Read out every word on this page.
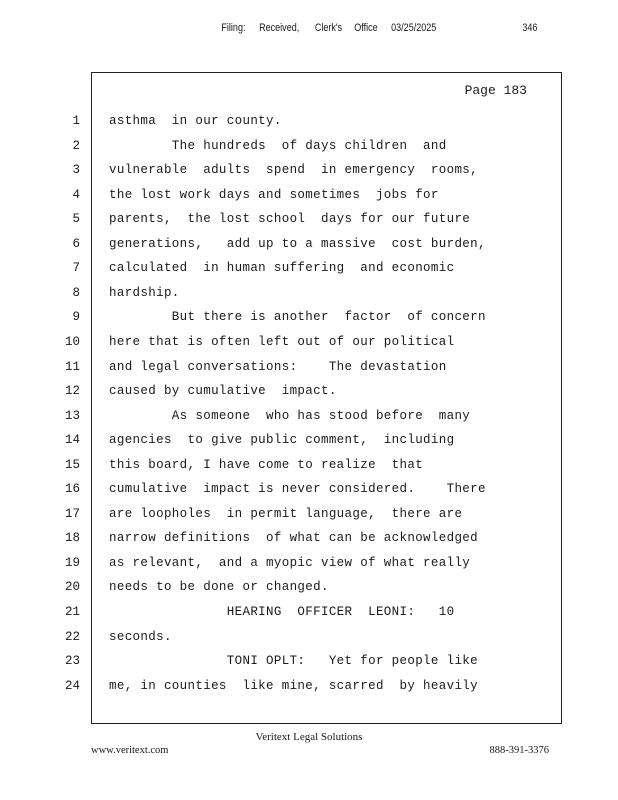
Filing: Received, Clerk's Office 03/25/2025	346
Page 183
1 asthma  in our county.
2 The hundreds  of days children  and
3 vulnerable  adults  spend  in emergency  rooms,
4 the lost work days and sometimes  jobs for
5 parents,  the lost school  days for our future
6 generations,   add up to a massive  cost burden,
7 calculated  in human suffering  and economic
8 hardship.
9 But there is another  factor  of concern
10 here that is often left out of our political
11 and legal conversations:    The devastation
12 caused by cumulative  impact.
13 As someone  who has stood before  many
14 agencies  to give public comment,  including
15 this board, I have come to realize  that
16 cumulative  impact is never considered.    There
17 are loopholes  in permit language,  there are
18 narrow definitions  of what can be acknowledged
19 as relevant,  and a myopic view of what really
20 needs to be done or changed.
21 HEARING  OFFICER  LEONI:   10
22 seconds.
23 TONI OPLT:   Yet for people like
24 me, in counties  like mine, scarred  by heavily
Veritext Legal Solutions
www.veritext.com	888-391-3376
